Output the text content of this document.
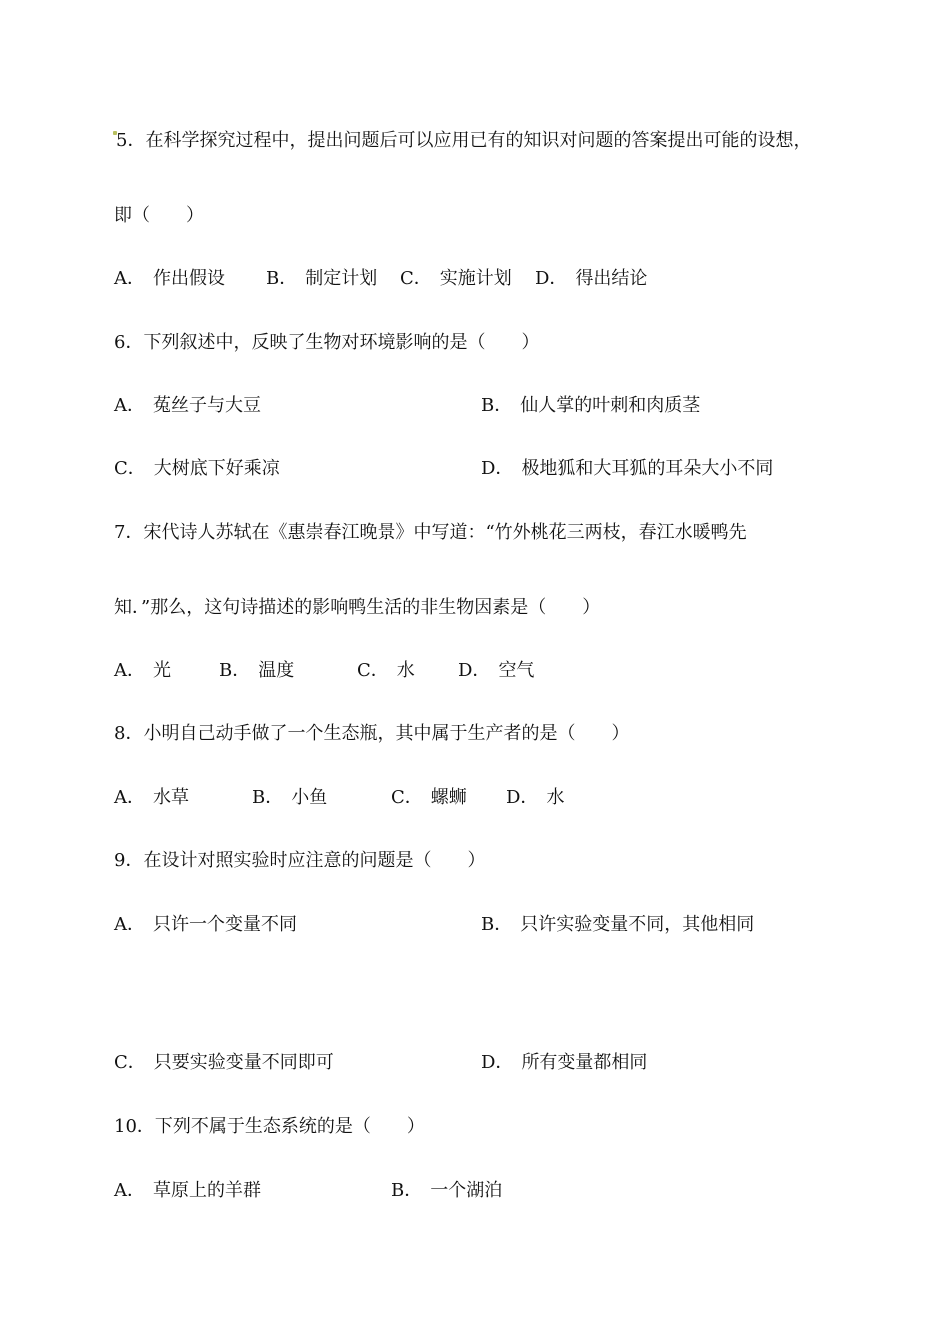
5．在科学探究过程中，提出问题后可以应用已有的知识对问题的答案提出可能的设想，
即（　　）
A． 作出假设 B． 制定计划 C． 实施计划 D． 得出结论
6．下列叙述中，反映了生物对环境影响的是（　　）
A． 菟丝子与大豆	B． 仙人掌的叶刺和肉质茎
C． 大树底下好乘凉	D． 极地狐和大耳狐的耳朵大小不同
7．宋代诗人苏轼在《惠崇春江晚景》中写道：“竹外桃花三两枝，春江水暖鸭先
知．”那么，这句诗描述的影响鸭生活的非生物因素是（　　）
A． 光	B． 温度	C． 水 D． 空气
8．小明自己动手做了一个生态瓶，其中属于生产者的是（　　）
A． 水草	B． 小鱼	C． 螺蛳 D． 水
9．在设计对照实验时应注意的问题是（　　）
A． 只许一个变量不同	B． 只许实验变量不同，其他相同
C． 只要实验变量不同即可	D． 所有变量都相同
10．下列不属于生态系统的是（　　）
A． 草原上的羊群	B． 一个湖泊
